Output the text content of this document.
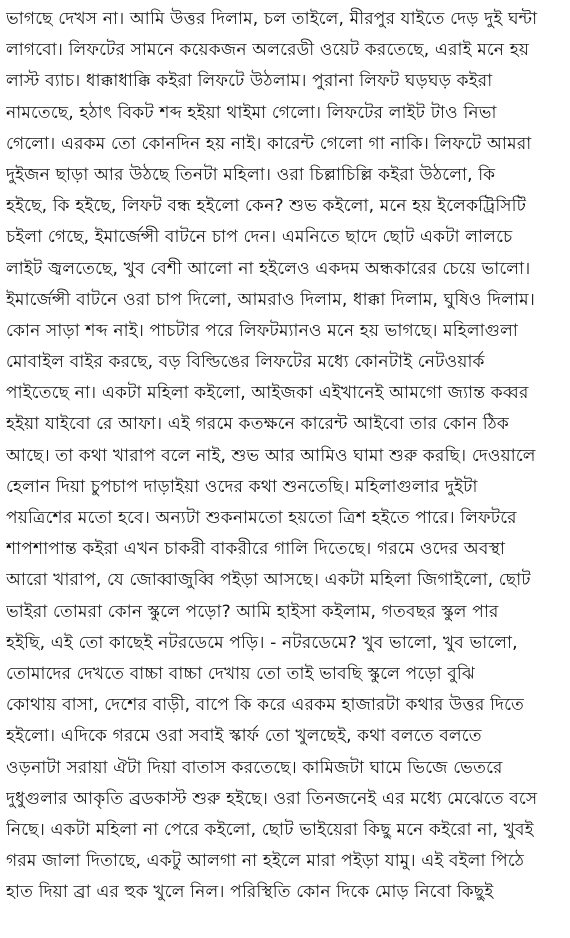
ভাগছে দেখস না। আমি উত্তর দিলাম, চল তাইলে, মীরপুর যাইতে দেড় দুই ঘন্টা
লাগবো। লিফটের সামনে কয়েকজন অলরেডী ওয়েট করতেছে, এরাই মনে হয়
লাস্ট ব্যাচ। ধাক্কাধাক্কি কইরা লিফটে উঠলাম। পুরানা লিফট ঘড়ঘড় কইরা
নামতেছে, হঠাৎ বিকট শব্দ হইয়া থাইমা গেলো। লিফটের লাইট টাও নিভা
গেলো। এরকম তো কোনদিন হয় নাই। কারেন্ট গেলো গা নাকি। লিফটে আমরা
দুইজন ছাড়া আর উঠছে তিনটা মহিলা। ওরা চিল্লাচিল্লি কইরা উঠলো, কি
হইছে, কি হইছে, লিফট বন্ধ হইলো কেন? শুভ কইলো, মনে হয় ইলেকট্রিসিটি
চইলা গেছে, ইমার্জেন্সী বাটনে চাপ দেন। এমনিতে ছাদে ছোট একটা লালচে
লাইট জ্বলতেছে, খুব বেশী আলো না হইলেও একদম অন্ধকারের চেয়ে ভালো।
ইমার্জেন্সী বাটনে ওরা চাপ দিলো, আমরাও দিলাম, ধাক্কা দিলাম, ঘুষিও দিলাম।
কোন সাড়া শব্দ নাই। পাচটার পরে লিফটম্যানও মনে হয় ভাগছে। মহিলাগুলা
মোবাইল বাইর করছে, বড় বিল্ডিঙের লিফটের মধ্যে কোনটাই নেটওয়ার্ক
পাইতেছে না। একটা মহিলা কইলো, আইজকা এইখানেই আমগো জ্যান্ত কব্বর
হইয়া যাইবো রে আফা। এই গরমে কতক্ষনে কারেন্ট আইবো তার কোন ঠিক
আছে। তা কথা খারাপ বলে নাই, শুভ আর আমিও ঘামা শুরু করছি। দেওয়ালে
হেলান দিয়া চুপচাপ দাড়াইয়া ওদের কথা শুনতেছি। মহিলাগুলার দুইটা
পয়ত্রিশের মতো হবে। অন্যটা শুকনামতো হয়তো ত্রিশ হইতে পারে। লিফটরে
শাপশাপান্ত কইরা এখন চাকরী বাকরীরে গালি দিতেছে। গরমে ওদের অবস্থা
আরো খারাপ, যে জোব্বাজুব্বি পইড়া আসছে। একটা মহিলা জিগাইলো, ছোট
ভাইরা তোমরা কোন স্কুলে পড়ো? আমি হাইসা কইলাম, গতবছর স্কুল পার
হইছি, এই তো কাছেই নটরডেমে পড়ি। - নটরডেমে? খুব ভালো, খুব ভালো,
তোমাদের দেখতে বাচ্চা বাচ্চা দেখায় তো তাই ভাবছি স্কুলে পড়ো বুঝি
কোথায় বাসা, দেশের বাড়ী, বাপে কি করে এরকম হাজারটা কথার উত্তর দিতে
হইলো। এদিকে গরমে ওরা সবাই স্কার্ফ তো খুলছেই, কথা বলতে বলতে
ওড়নাটা সরায়া ঐটা দিয়া বাতাস করতেছে। কামিজটা ঘামে ভিজে ভেতরে
দুধুগুলার আকৃতি ব্রডকাস্ট শুরু হইছে। ওরা তিনজনেই এর মধ্যে মেঝেতে বসে
নিছে। একটা মহিলা না পেরে কইলো, ছোট ভাইয়েরা কিছু মনে কইরো না, খুবই
গরম জালা দিতাছে, একটু আলগা না হইলে মারা পইড়া যামু। এই বইলা পিঠে
হাত দিয়া ব্রা এর হুক খুলে নিল। পরিস্থিতি কোন দিকে মোড় নিবো কিছুই
